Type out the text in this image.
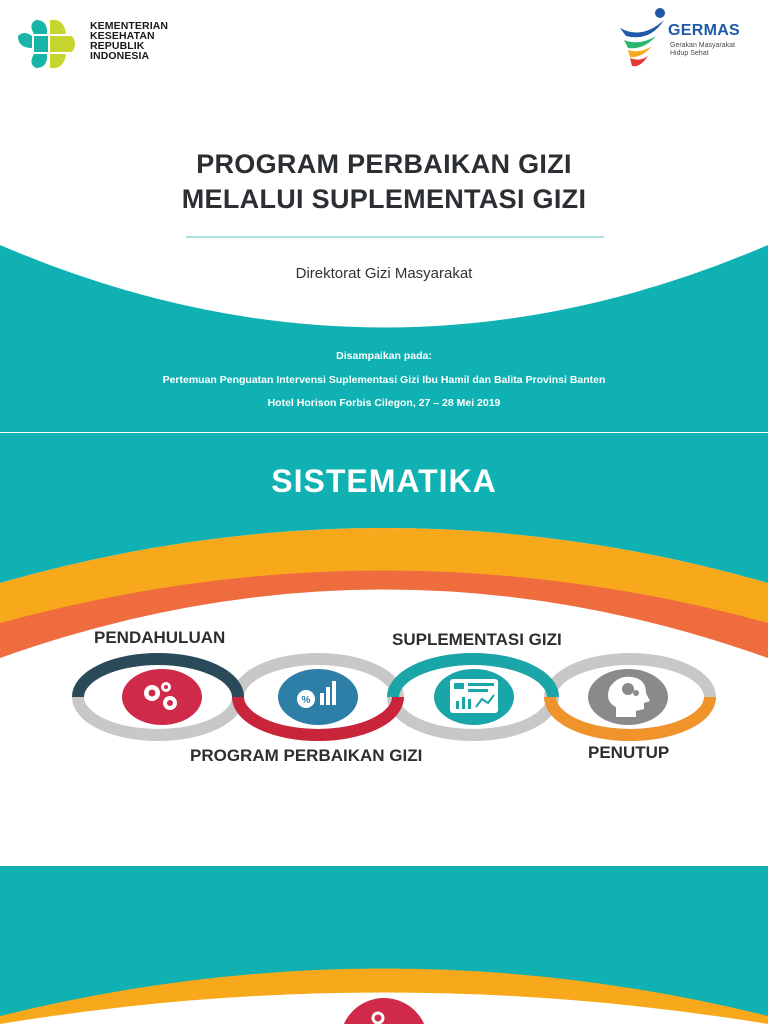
KEMENTERIAN
KESEHATAN
REPUBLIK
INDONESIA
GERMAS
Gerakan Masyarakat
Hidup Sehat
PROGRAM PERBAIKAN GIZI
MELALUI SUPLEMENTASI GIZI
Direktorat Gizi Masyarakat
Disampaikan pada:
Pertemuan Penguatan Intervensi Suplementasi Gizi Ibu Hamil dan Balita Provinsi Banten
Hotel Horison Forbis Cilegon, 27 – 28 Mei 2019
SISTEMATIKA
%
PENDAHULUAN
PROGRAM PERBAIKAN GIZI
SUPLEMENTASI GIZI
PENUTUP
